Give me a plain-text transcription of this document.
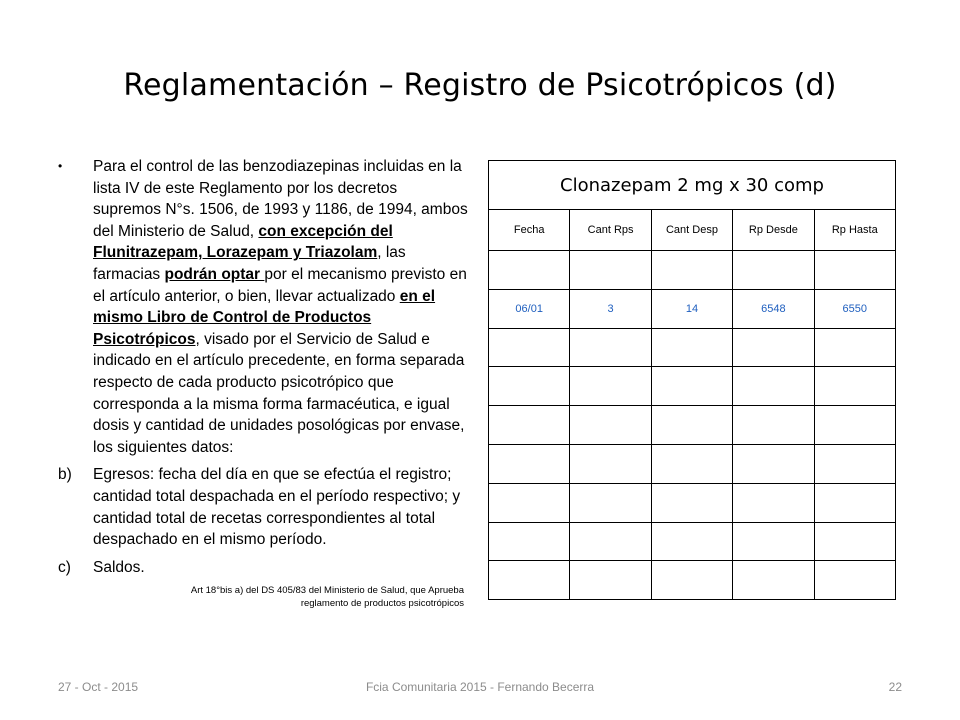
Reglamentación – Registro de Psicotrópicos (d)
• Para el control de las benzodiazepinas incluidas en la lista IV de este Reglamento por los decretos supremos N°s. 1506, de 1993 y 1186, de 1994, ambos del Ministerio de Salud, con excepción del Flunitrazepam, Lorazepam y Triazolam, las farmacias podrán optar por el mecanismo previsto en el artículo anterior, o bien, llevar actualizado en el mismo Libro de Control de Productos Psicotrópicos, visado por el Servicio de Salud e indicado en el artículo precedente, en forma separada respecto de cada producto psicotrópico que corresponda a la misma forma farmacéutica, e igual dosis y cantidad de unidades posológicas por envase, los siguientes datos:
b) Egresos: fecha del día en que se efectúa el registro; cantidad total despachada en el período respectivo; y cantidad total de recetas correspondientes al total despachado en el mismo período.
c) Saldos.
Art 18°bis a) del DS 405/83 del Ministerio de Salud, que Aprueba
reglamento de productos psicotrópicos
Clonazepam 2 mg x 30 comp				
Fecha	Cant Rps	Cant Desp	Rp Desde	Rp Hasta

06/01	3	14	6548	6550

27 - Oct - 2015	Fcia Comunitaria 2015 - Fernando Becerra	22
